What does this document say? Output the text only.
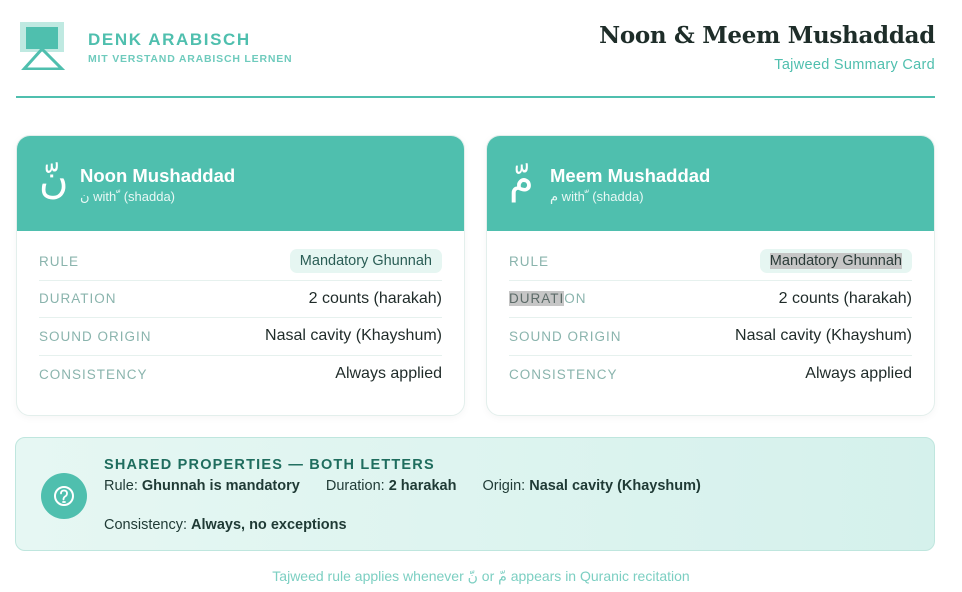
DENK ARABISCH
MIT VERSTAND ARABISCH LERNEN
Noon & Meem Mushaddad
Tajweed Summary Card
نّ Noon Mushaddad
ن with ّ (shadda)
RULE	Mandatory Ghunnah
DURATION	2 counts (harakah)
SOUND ORIGIN	Nasal cavity (Khayshum)
CONSISTENCY	Always applied
مّ Meem Mushaddad
م with ّ (shadda)
RULE	Mandatory Ghunnah
DURATION	2 counts (harakah)
SOUND ORIGIN	Nasal cavity (Khayshum)
CONSISTENCY	Always applied
SHARED PROPERTIES — BOTH LETTERS
Rule: Ghunnah is mandatory Duration: 2 harakah Origin: Nasal cavity (Khayshum)
Consistency: Always, no exceptions
Tajweed rule applies whenever نّ or مّ appears in Quranic recitation
